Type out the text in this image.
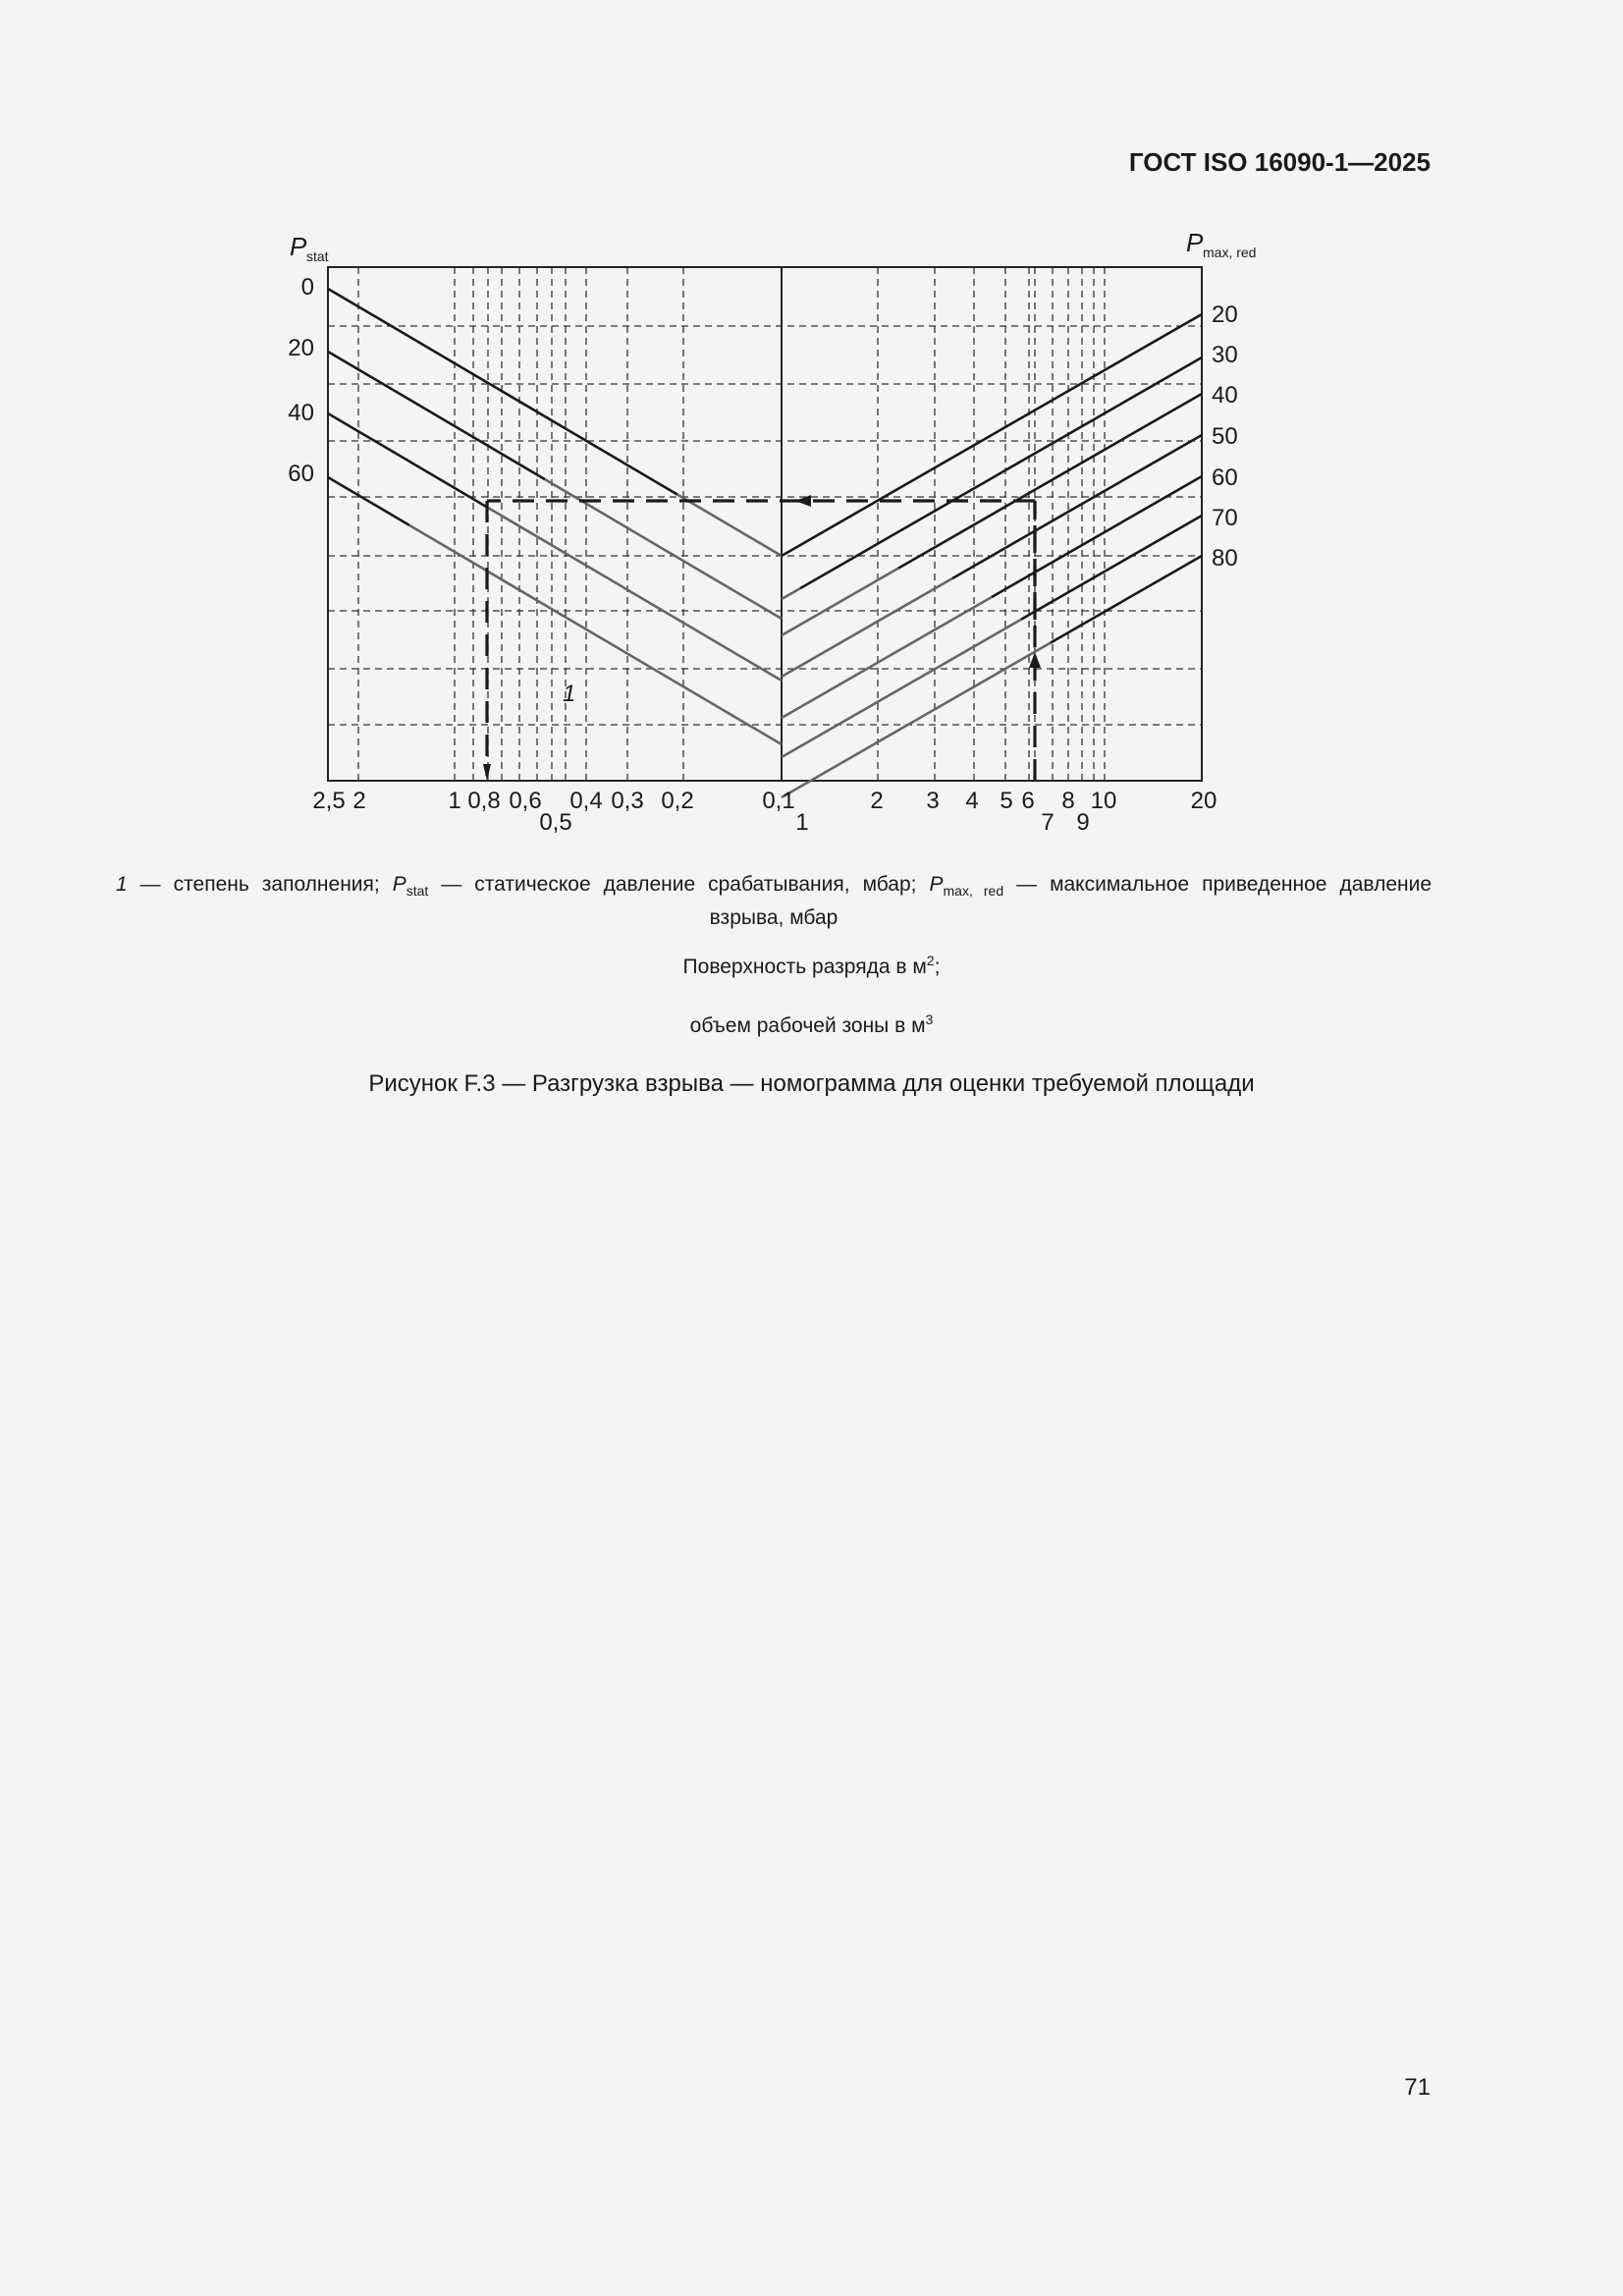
ГОСТ ISO 16090-1—2025
P stat	P max, red
1
0
20
40
60
20
30
40
50
60
70
80
2,5 2	1 0,8 0,6 0,4 0,3 0,2	0,1
0,5
2 3 4 5 6 8 10	20
1	7 9
1 — степень заполнения; $P_{stat}$ — статическое давление срабатывания, мбар; $P_{max, red}$ — максимальное приведенное давление
взрыва, мбар
Поверхность разряда в $м^2$;
объем рабочей зоны в $м^3$
Рисунок F.3 — Разгрузка взрыва — номограмма для оценки требуемой площади
71
